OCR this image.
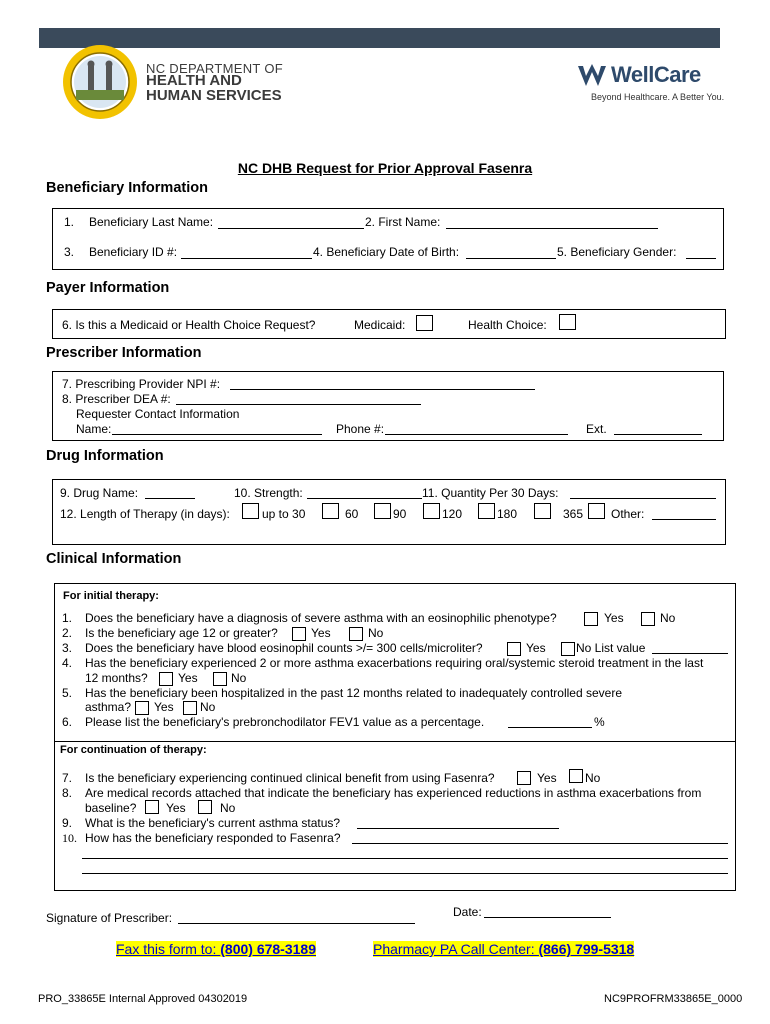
NC DEPARTMENT OF
HEALTH AND
HUMAN SERVICES
WellCare
Beyond Healthcare. A Better You.
NC DHB Request for Prior Approval Fasenra
Beneficiary Information
1. Beneficiary Last Name:	2. First Name:
3. Beneficiary ID #:	4. Beneficiary Date of Birth:	5. Beneficiary Gender:
Payer Information
6. Is this a Medicaid or Health Choice Request?	Medicaid:	Health Choice:
Prescriber Information
7. Prescribing Provider NPI #:
8. Prescriber DEA #:
Requester Contact Information
Name:	Phone #:	Ext.
Drug Information
9. Drug Name:	10. Strength:	11. Quantity Per 30 Days:
12. Length of Therapy (in days):	up to 30	60	90	120	180	365 Other:
Clinical Information
For initial therapy:
1. Does the beneficiary have a diagnosis of severe asthma with an eosinophilic phenotype?	Yes	No
2. Is the beneficiary age 12 or greater?	Yes	No
3. Does the beneficiary have blood eosinophil counts >/= 300 cells/microliter?	Yes	No List value
4. Has the beneficiary experienced 2 or more asthma exacerbations requiring oral/systemic steroid treatment in the last
12 months?	Yes	No
5. Has the beneficiary been hospitalized in the past 12 months related to inadequately controlled severe
asthma? Yes No
6. Please list the beneficiary's prebronchodilator FEV1 value as a percentage.	%
For continuation of therapy:
7. Is the beneficiary experiencing continued clinical benefit from using Fasenra?	Yes No
8. Are medical records attached that indicate the beneficiary has experienced reductions in asthma exacerbations from
baseline? Yes	No
9. What is the beneficiary's current asthma status?
10. How has the beneficiary responded to Fasenra?
Signature of Prescriber:	Date:
Fax this form to: (800) 678-3189	Pharmacy PA Call Center: (866) 799-5318
PRO_33865E Internal Approved 04302019	NC9PROFRM33865E_0000
